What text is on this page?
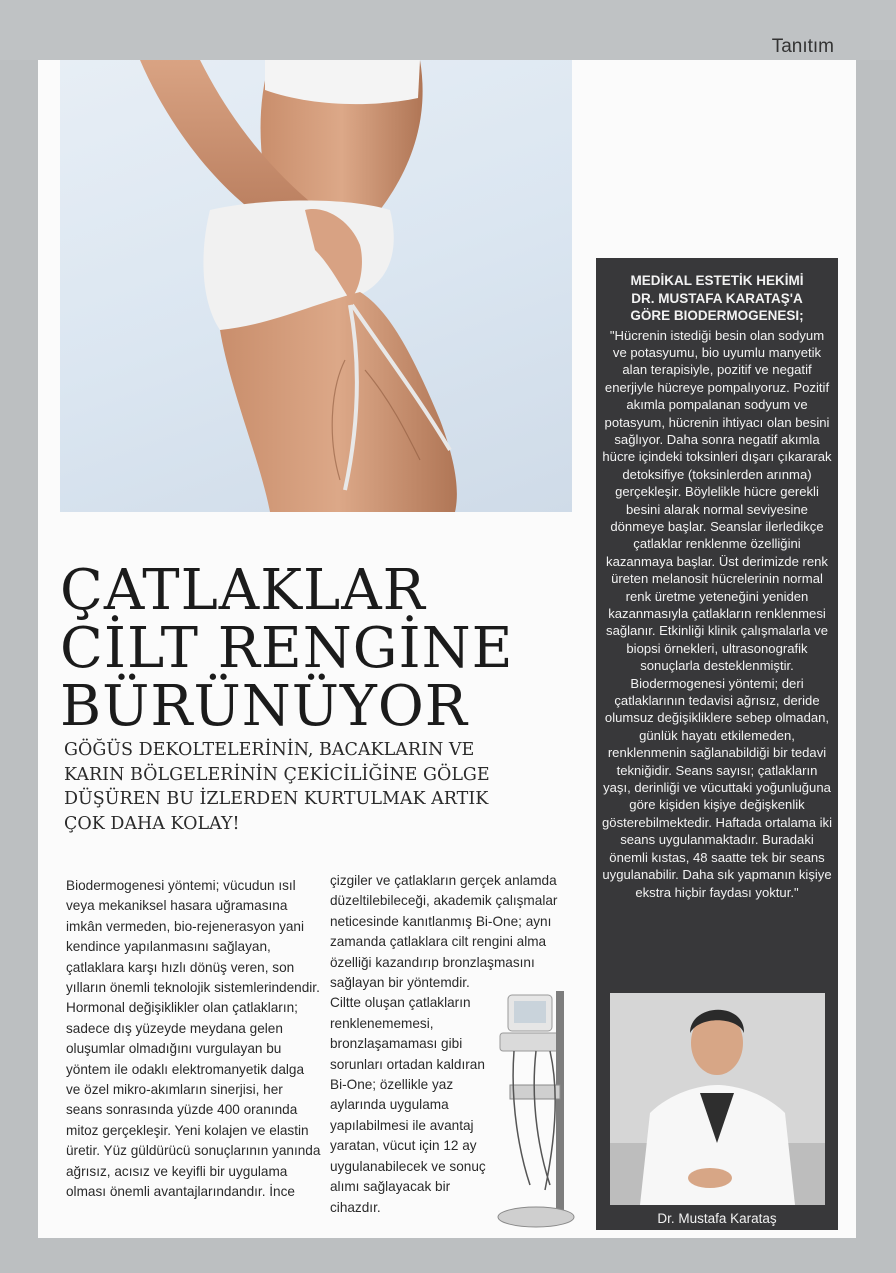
Tanıtım
ÇATLAKLAR
CİLT RENGİNE
BÜRÜNÜYOR

GÖĞÜS DEKOLTELERİNİN, BACAKLARIN VE KARIN BÖLGELERİNİN ÇEKİCİLİĞİNE GÖLGE DÜŞÜREN BU İZLERDEN KURTULMAK ARTIK ÇOK DAHA KOLAY!

Biodermogenesi yöntemi; vücudun ısıl veya mekaniksel hasara uğramasına imkân vermeden, bio-rejenerasyon yani kendince yapılanmasını sağlayan, çatlaklara karşı hızlı dönüş veren, son yılların önemli teknolojik sistemlerindendir. Hormonal değişiklikler olan çatlakların; sadece dış yüzeyde meydana gelen oluşumlar olmadığını vurgulayan bu yöntem ile odaklı elektromanyetik dalga ve özel mikro-akımların sinerjisi, her seans sonrasında yüzde 400 oranında mitoz gerçekleşir. Yeni kolajen ve elastin üretir. Yüz güldürücü sonuçlarının yanında ağrısız, acısız ve keyifli bir uygulama olması önemli avantajlarındandır. İnce

çizgiler ve çatlakların gerçek anlamda düzeltilebileceği, akademik çalışmalar neticesinde kanıtlanmış Bi-One; aynı zamanda çatlaklara cilt rengini alma özelliği kazandırıp bronzlaşmasını sağlayan bir yöntemdir.
Ciltte oluşan çatlakların renklenememesi, bronzlaşamaması gibi sorunları ortadan kaldıran Bi-One; özellikle yaz aylarında uygulama yapılabilmesi ile avantaj yaratan, vücut için 12 ay uygulanabilecek ve sonuç alımı sağlayacak bir cihazdır.
MEDİKAL ESTETİK HEKİMİ
DR. MUSTAFA KARATAŞ'A
GÖRE BIODERMOGENESI;

"Hücrenin istediği besin olan sodyum ve potasyumu, bio uyumlu manyetik alan terapisiyle, pozitif ve negatif enerjiyle hücreye pompalıyoruz. Pozitif akımla pompalanan sodyum ve potasyum, hücrenin ihtiyacı olan besini sağlıyor. Daha sonra negatif akımla hücre içindeki toksinleri dışarı çıkararak detoksifiye (toksinlerden arınma) gerçekleşir. Böylelikle hücre gerekli besini alarak normal seviyesine dönmeye başlar. Seanslar ilerledikçe çatlaklar renklenme özelliğini kazanmaya başlar. Üst derimizde renk üreten melanosit hücrelerinin normal renk üretme yeteneğini yeniden kazanmasıyla çatlakların renklenmesi sağlanır. Etkinliği klinik çalışmalarla ve biopsi örnekleri, ultrasonografik sonuçlarla desteklenmiştir. Biodermogenesi yöntemi; deri çatlaklarının tedavisi ağrısız, deride olumsuz değişikliklere sebep olmadan, günlük hayatı etkilemeden, renklenmenin sağlanabildiği bir tedavi tekniğidir. Seans sayısı; çatlakların yaşı, derinliği ve vücuttaki yoğunluğuna göre kişiden kişiye değişkenlik gösterebilmektedir. Haftada ortalama iki seans uygulanmaktadır. Buradaki önemli kıstas, 48 saatte tek bir seans uygulanabilir. Daha sık yapmanın kişiye ekstra hiçbir faydası yoktur."

Dr. Mustafa Karataş
